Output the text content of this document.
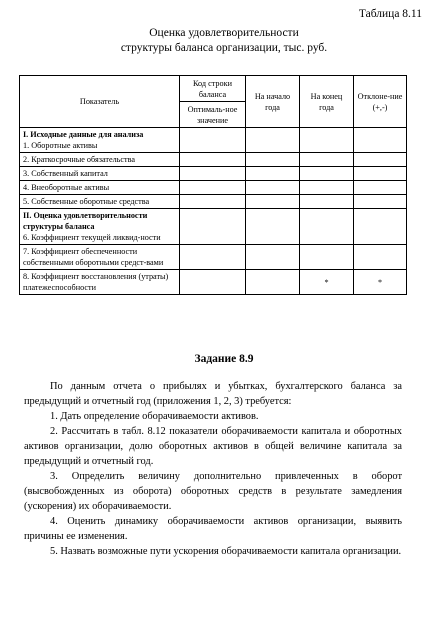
Таблица 8.11
Оценка удовлетворительности
структуры баланса организации, тыс. руб.
Показатель	Код строки баланса	На начало года	На конец года	Отклоне-ние (+,-)
	Оптималь-ное значение			

I. Исходные данные для анализа
1. Оборотные активы				

2. Краткосрочные обязательства				
3. Собственный капитал				
4. Внеоборотные активы				
5. Собственные оборотные средства				

II. Оценка удовлетворительности структуры баланса
6. Коэффициент текущей ликвид-ности				

7. Коэффициент обеспеченности собственными оборотными средст-вами				
8. Коэффициент восстановления (утраты) платежеспособности			*	*
Задание 8.9

По данным отчета о прибылях и убытках, бухгалтерского баланса за предыдущий и отчетный год (приложения 1, 2, 3) требуется:

1. Дать определение оборачиваемости активов.

2. Рассчитать в табл. 8.12 показатели оборачиваемости капитала и оборотных активов организации, долю оборотных активов в общей величине капитала за предыдущий и отчетный год.

3. Определить величину дополнительно привлеченных в оборот (высвобожденных из оборота) оборотных средств в результате замедления (ускорения) их оборачиваемости.

4. Оценить динамику оборачиваемости активов организации, выявить причины ее изменения.

5. Назвать возможные пути ускорения оборачиваемости капитала организации.
